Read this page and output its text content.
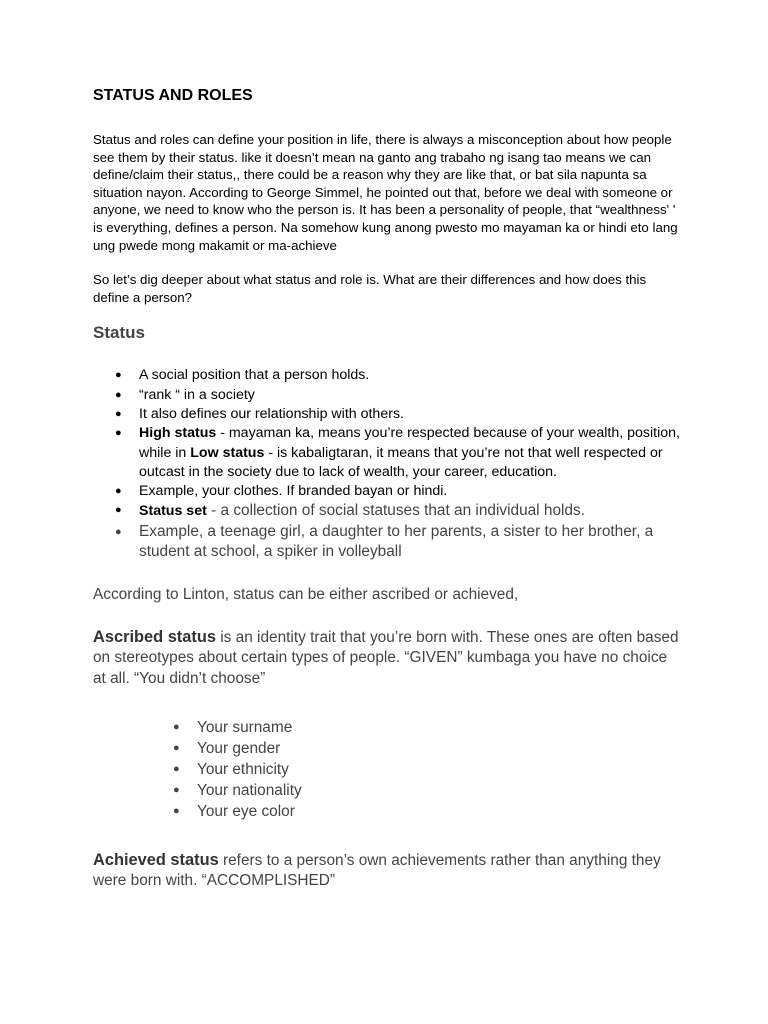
STATUS AND ROLES

Status and roles can define your position in life, there is always a misconception about how people see them by their status. like it doesn’t mean na ganto ang trabaho ng isang tao means we can define/claim their status,, there could be a reason why they are like that, or bat sila napunta sa situation nayon. According to George Simmel, he pointed out that, before we deal with someone or anyone, we need to know who the person is. It has been a personality of people, that “wealthness' ' is everything, defines a person. Na somehow kung anong pwesto mo mayaman ka or hindi eto lang ung pwede mong makamit or ma-achieve

So let’s dig deeper about what status and role is. What are their differences and how does this define a person?

Status
● A social position that a person holds.
● “rank “ in a society
● It also defines our relationship with others.
● High status - mayaman ka, means you’re respected because of your wealth, position, while in Low status - is kabaligtaran, it means that you’re not that well respected or outcast in the society due to lack of wealth, your career, education.
● Example, your clothes. If branded bayan or hindi.
● Status set - a collection of social statuses that an individual holds.
● Example, a teenage girl, a daughter to her parents, a sister to her brother, a student at school, a spiker in volleyball

According to Linton, status can be either ascribed or achieved,

Ascribed status is an identity trait that you’re born with. These ones are often based on stereotypes about certain types of people. “GIVEN” kumbaga you have no choice at all. “You didn’t choose”

● Your surname
● Your gender
● Your ethnicity
● Your nationality
● Your eye color

Achieved status refers to a person’s own achievements rather than anything they were born with. “ACCOMPLISHED”
